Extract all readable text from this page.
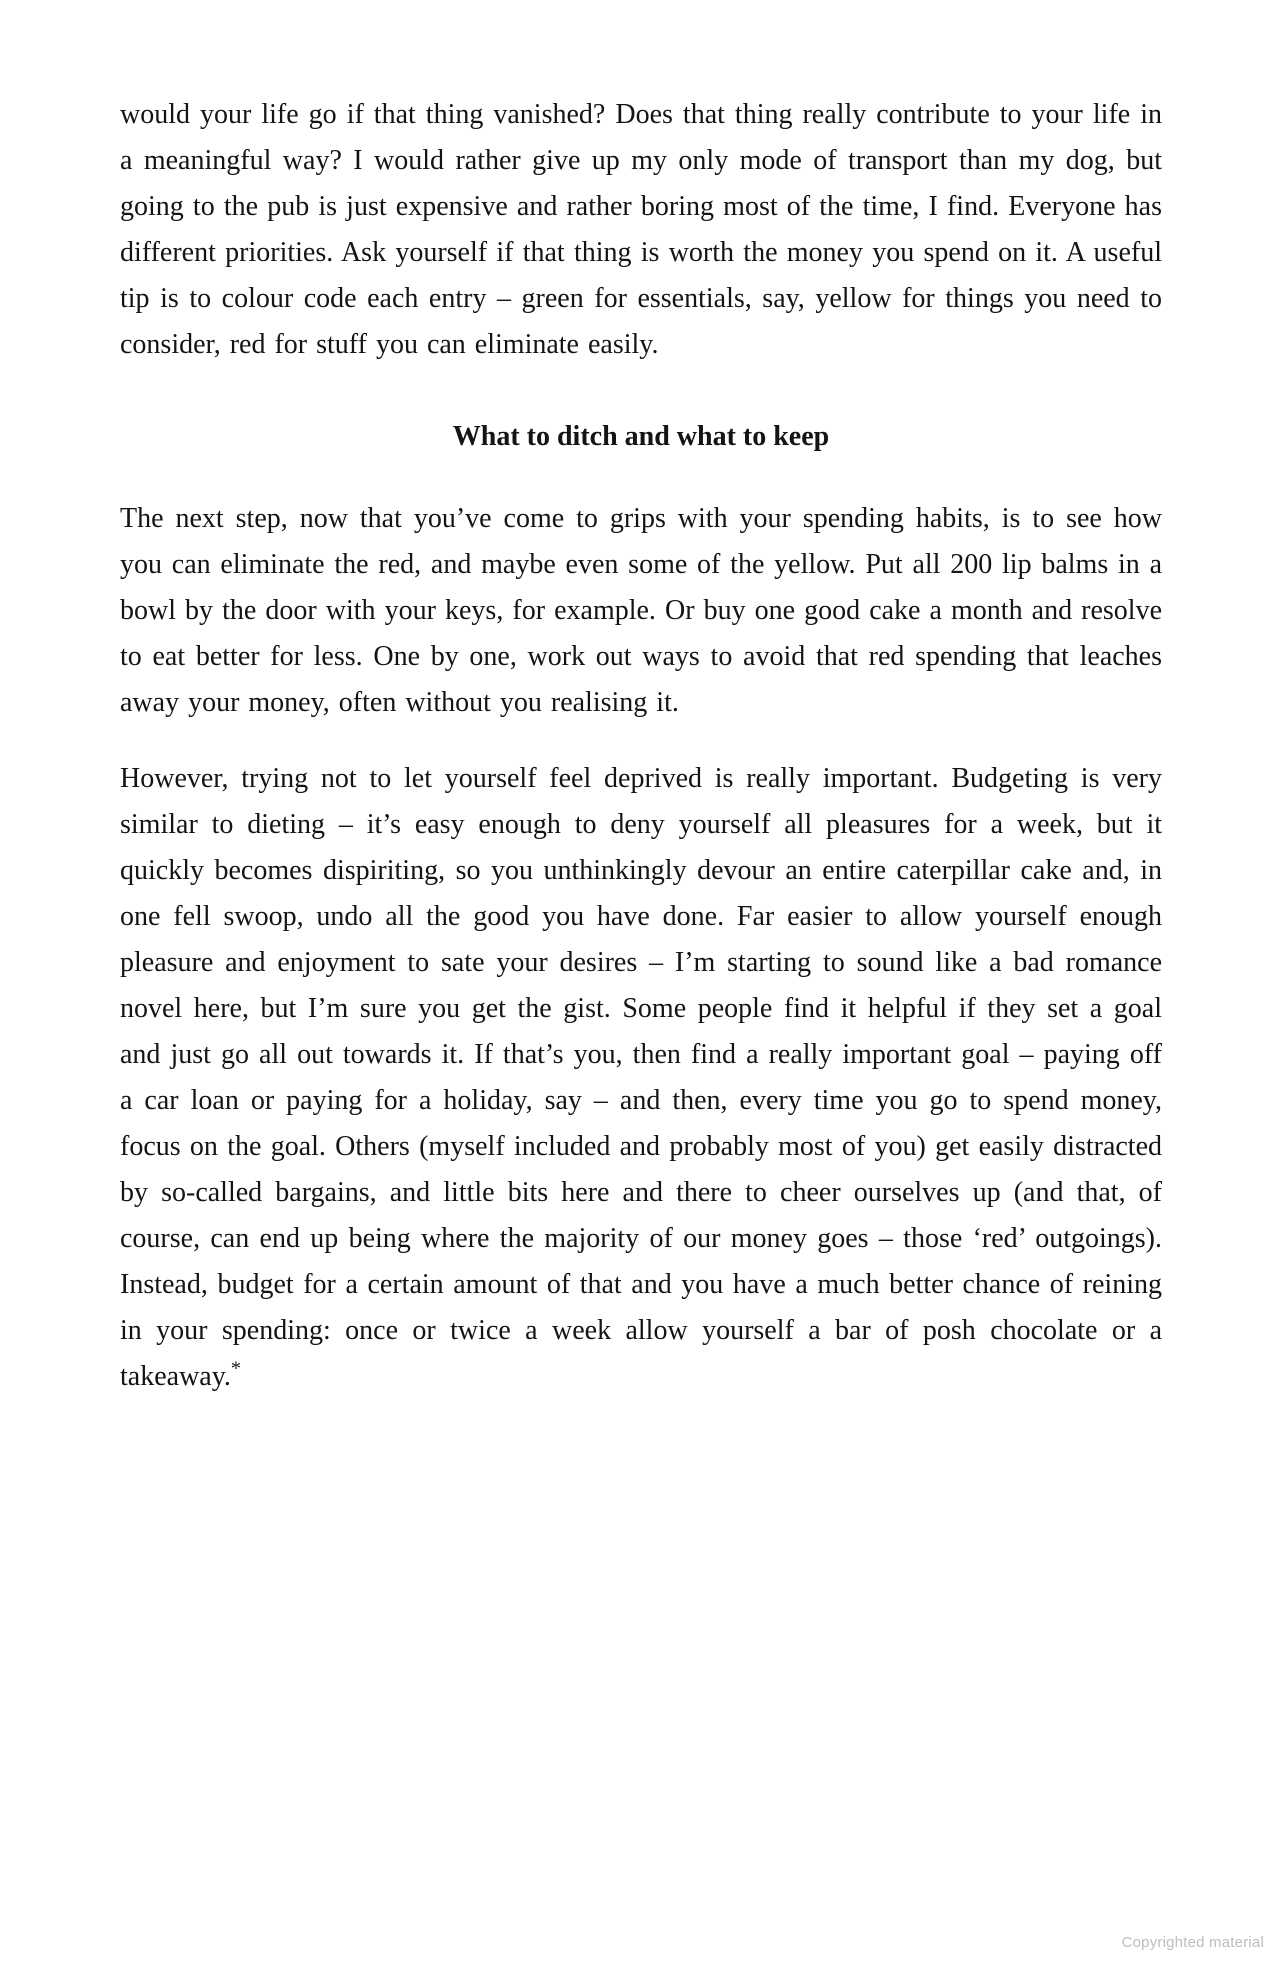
would your life go if that thing vanished? Does that thing really contribute to your life in a meaningful way? I would rather give up my only mode of transport than my dog, but going to the pub is just expensive and rather boring most of the time, I find. Everyone has different priorities. Ask yourself if that thing is worth the money you spend on it. A useful tip is to colour code each entry – green for essentials, say, yellow for things you need to consider, red for stuff you can eliminate easily.

What to ditch and what to keep

The next step, now that you’ve come to grips with your spending habits, is to see how you can eliminate the red, and maybe even some of the yellow. Put all 200 lip balms in a bowl by the door with your keys, for example. Or buy one good cake a month and resolve to eat better for less. One by one, work out ways to avoid that red spending that leaches away your money, often without you realising it.

However, trying not to let yourself feel deprived is really important. Budgeting is very similar to dieting – it’s easy enough to deny yourself all pleasures for a week, but it quickly becomes dispiriting, so you unthinkingly devour an entire caterpillar cake and, in one fell swoop, undo all the good you have done. Far easier to allow yourself enough pleasure and enjoyment to sate your desires – I’m starting to sound like a bad romance novel here, but I’m sure you get the gist. Some people find it helpful if they set a goal and just go all out towards it. If that’s you, then find a really important goal – paying off a car loan or paying for a holiday, say – and then, every time you go to spend money, focus on the goal. Others (myself included and probably most of you) get easily distracted by so-called bargains, and little bits here and there to cheer ourselves up (and that, of course, can end up being where the majority of our money goes – those ‘red’ outgoings). Instead, budget for a certain amount of that and you have a much better chance of reining in your spending: once or twice a week allow yourself a bar of posh chocolate or a takeaway.*

Copyrighted material
